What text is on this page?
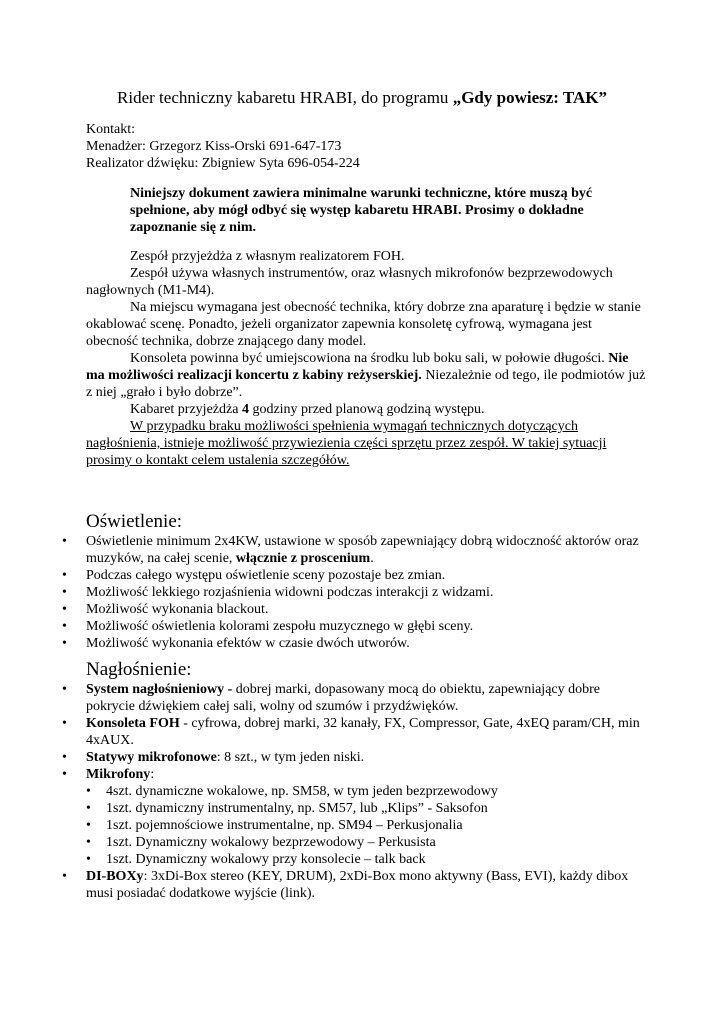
Rider techniczny kabaretu HRABI, do programu „Gdy powiesz: TAK”

Kontakt:

Menadżer: Grzegorz Kiss-Orski 691-647-173

Realizator dźwięku: Zbigniew Syta 696-054-224

Niniejszy dokument zawiera minimalne warunki techniczne, które muszą być spełnione, aby mógł odbyć się występ kabaretu HRABI. Prosimy o dokładne zapoznanie się z nim.

Zespół przyjeżdża z własnym realizatorem FOH.

Zespół używa własnych instrumentów, oraz własnych mikrofonów bezprzewodowych nagłownych (M1-M4).

Na miejscu wymagana jest obecność technika, który dobrze zna aparaturę i będzie w stanie okablować scenę. Ponadto, jeżeli organizator zapewnia konsoletę cyfrową, wymagana jest obecność technika, dobrze znającego dany model.

Konsoleta powinna być umiejscowiona na środku lub boku sali, w połowie długości. Nie ma możliwości realizacji koncertu z kabiny reżyserskiej. Niezależnie od tego, ile podmiotów już z niej „grało i było dobrze”.

Kabaret przyjeżdża 4 godziny przed planową godziną występu.

W przypadku braku możliwości spełnienia wymagań technicznych dotyczących nagłośnienia, istnieje możliwość przywiezienia części sprzętu przez zespół. W takiej sytuacji prosimy o kontakt celem ustalenia szczegółów.

Oświetlenie:
• Oświetlenie minimum 2x4KW, ustawione w sposób zapewniający dobrą widoczność aktorów oraz muzyków, na całej scenie, włącznie z proscenium.
• Podczas całego występu oświetlenie sceny pozostaje bez zmian.
• Możliwość lekkiego rozjaśnienia widowni podczas interakcji z widzami.
• Możliwość wykonania blackout.
• Możliwość oświetlenia kolorami zespołu muzycznego w głębi sceny.
• Możliwość wykonania efektów w czasie dwóch utworów.
Nagłośnienie:
• System nagłośnieniowy - dobrej marki, dopasowany mocą do obiektu, zapewniający dobre pokrycie dźwiękiem całej sali, wolny od szumów i przydźwięków.
• Konsoleta FOH - cyfrowa, dobrej marki, 32 kanały, FX, Compressor, Gate, 4xEQ param/CH, min 4xAUX.
• Statywy mikrofonowe: 8 szt., w tym jeden niski.
• Mikrofony:
• 4szt. dynamiczne wokalowe, np. SM58, w tym jeden bezprzewodowy
• 1szt. dynamiczny instrumentalny, np. SM57, lub „Klips” - Saksofon
• 1szt. pojemnościowe instrumentalne, np. SM94 – Perkusjonalia
• 1szt. Dynamiczny wokalowy bezprzewodowy – Perkusista
• 1szt. Dynamiczny wokalowy przy konsolecie – talk back
• DI-BOXy: 3xDi-Box stereo (KEY, DRUM), 2xDi-Box mono aktywny (Bass, EVI), każdy dibox musi posiadać dodatkowe wyjście (link).
